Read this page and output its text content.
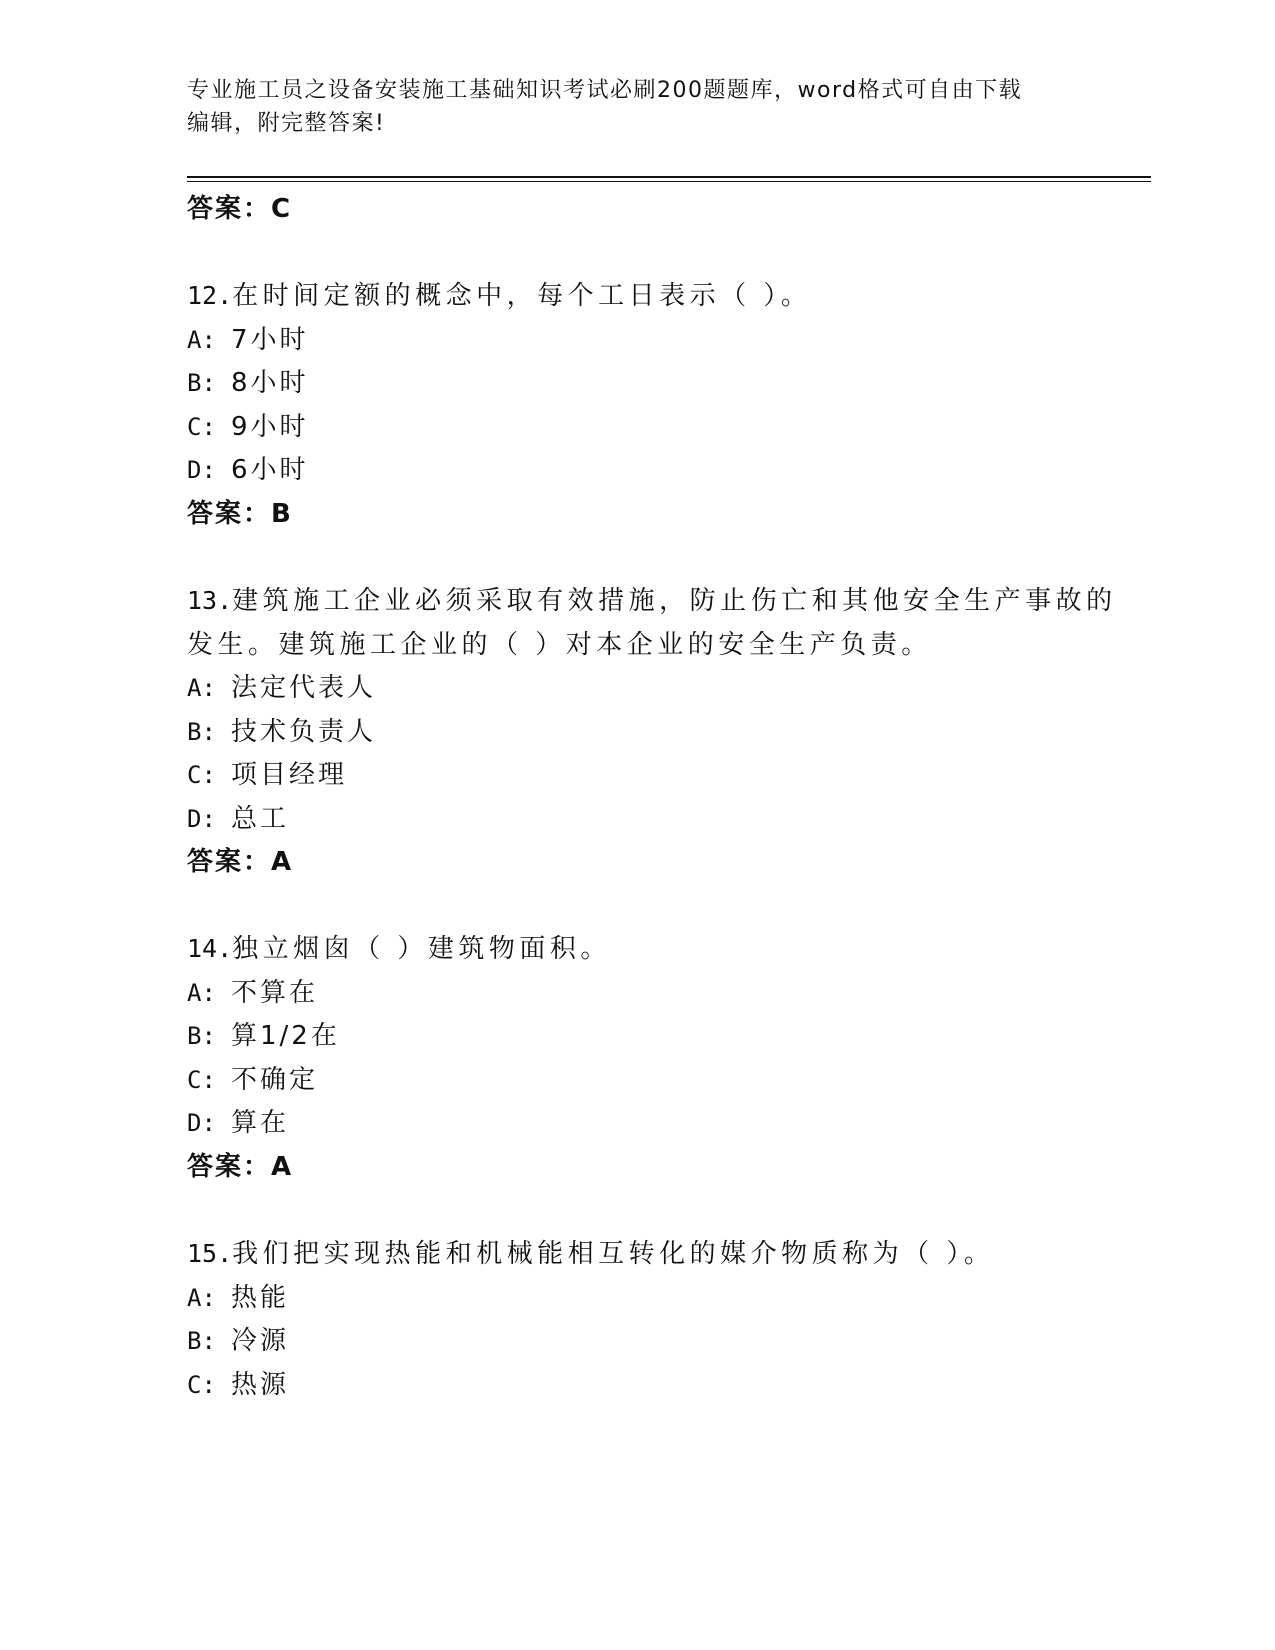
专业施工员之设备安装施工基础知识考试必刷200题题库，word格式可自由下载
编辑，附完整答案!
答案：C
12.在时间定额的概念中，每个工日表示（ ）。
A: 7小时
B: 8小时
C: 9小时
D: 6小时
答案：B
13.建筑施工企业必须采取有效措施，防止伤亡和其他安全生产事故的
发生。建筑施工企业的（ ）对本企业的安全生产负责。
A: 法定代表人
B: 技术负责人
C: 项目经理
D: 总工
答案：A
14.独立烟囱（ ）建筑物面积。
A: 不算在
B: 算1/2在
C: 不确定
D: 算在
答案：A
15.我们把实现热能和机械能相互转化的媒介物质称为（ ）。
A: 热能
B: 冷源
C: 热源
